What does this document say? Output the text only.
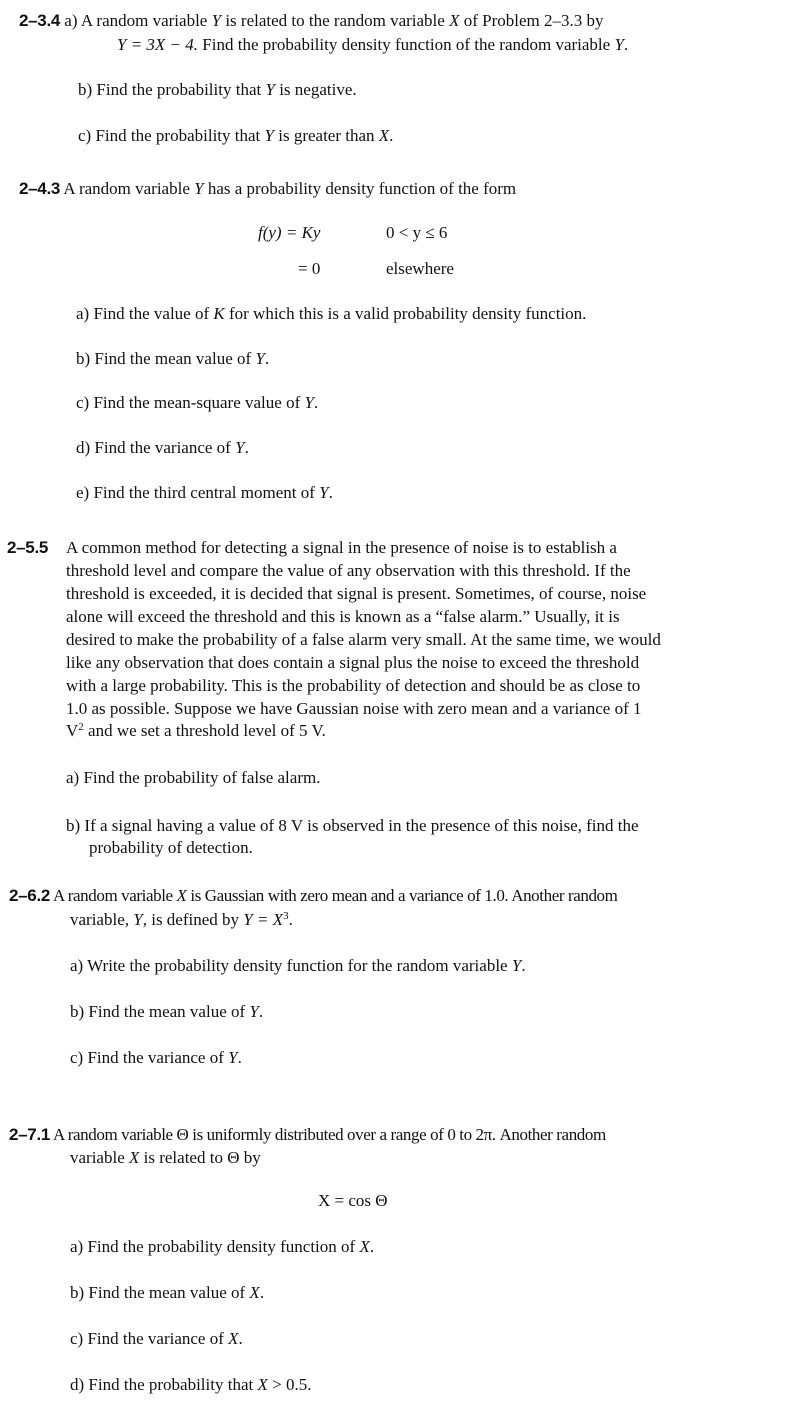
2–3.4 a) A random variable Y is related to the random variable X of Problem 2–3.3 by
Y = 3X − 4. Find the probability density function of the random variable Y.
b) Find the probability that Y is negative.
c) Find the probability that Y is greater than X.
2–4.3 A random variable Y has a probability density function of the form
f(y) = Ky	0 < y ≤ 6
= 0	elsewhere
a) Find the value of K for which this is a valid probability density function.
b) Find the mean value of Y.
c) Find the mean-square value of Y.
d) Find the variance of Y.
e) Find the third central moment of Y.
2–5.5 A common method for detecting a signal in the presence of noise is to establish a
threshold level and compare the value of any observation with this threshold. If the
threshold is exceeded, it is decided that signal is present. Sometimes, of course, noise
alone will exceed the threshold and this is known as a “false alarm.” Usually, it is
desired to make the probability of a false alarm very small. At the same time, we would
like any observation that does contain a signal plus the noise to exceed the threshold
with a large probability. This is the probability of detection and should be as close to
1.0 as possible. Suppose we have Gaussian noise with zero mean and a variance of 1
$V^2$ and we set a threshold level of 5 V.
a) Find the probability of false alarm.
b) If a signal having a value of 8 V is observed in the presence of this noise, find the
probability of detection.
2–6.2 A random variable X is Gaussian with zero mean and a variance of 1.0. Another random
variable, Y, is defined by $Y = X^3$.
a) Write the probability density function for the random variable Y.
b) Find the mean value of Y.
c) Find the variance of Y.
2–7.1 A random variable Θ is uniformly distributed over a range of 0 to 2π. Another random
variable X is related to Θ by
X = cos Θ
a) Find the probability density function of X.
b) Find the mean value of X.
c) Find the variance of X.
d) Find the probability that X > 0.5.
